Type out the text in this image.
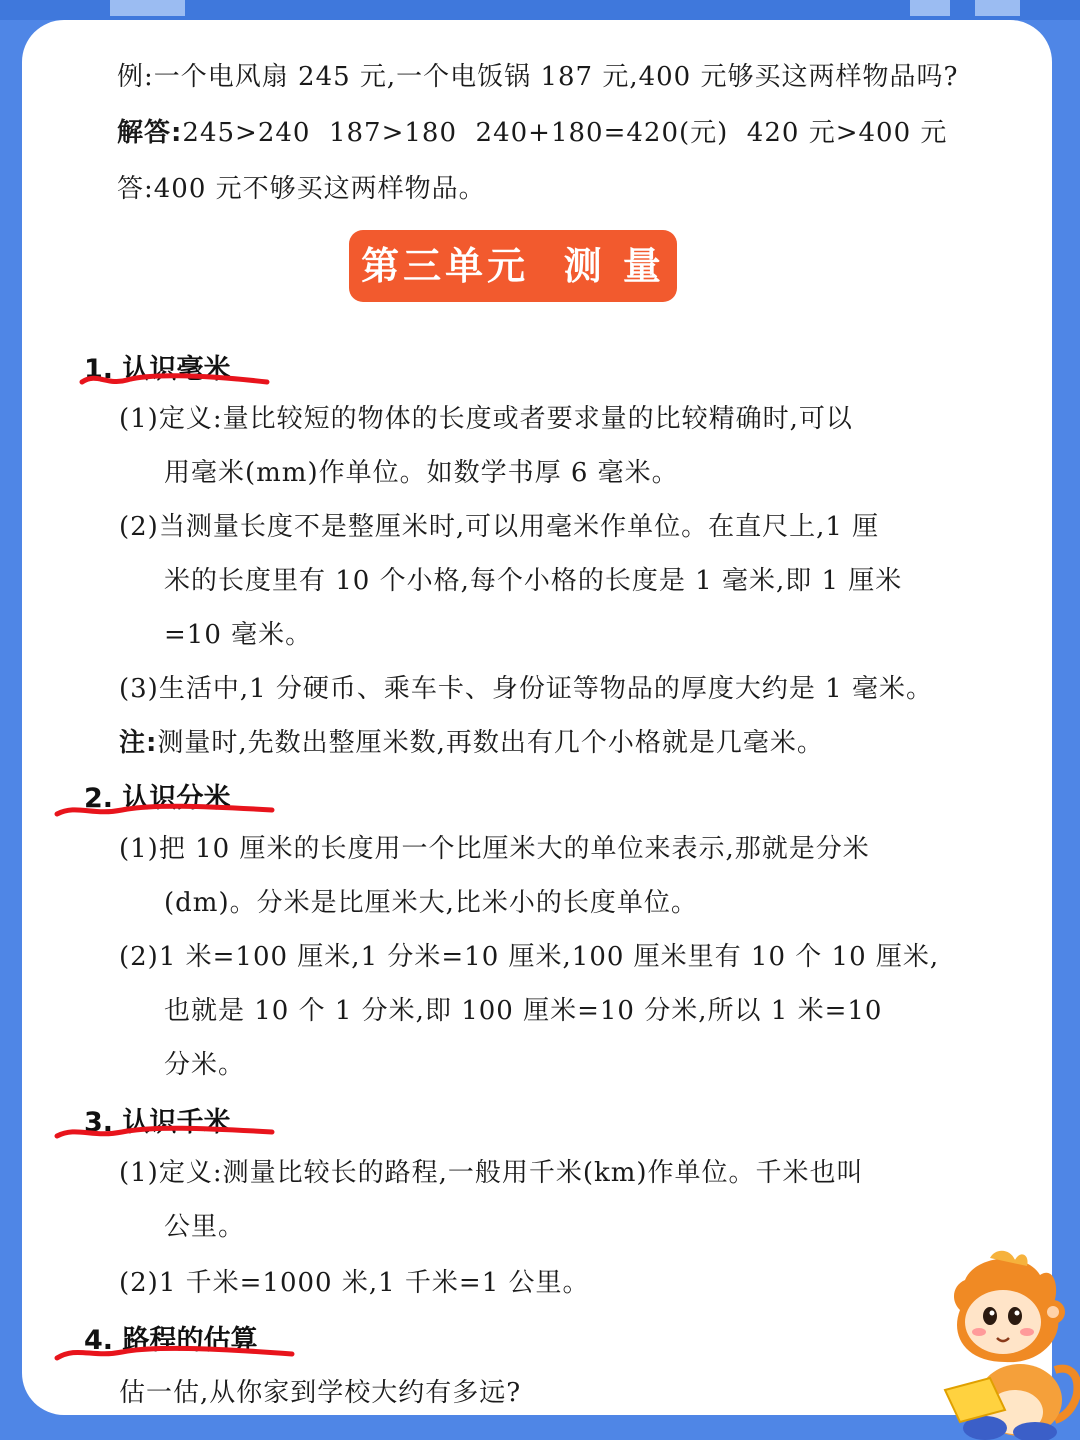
例:一个电风扇 245 元,一个电饭锅 187 元,400 元够买这两样物品吗?
解答:245>240  187>180  240+180=420(元)  420 元>400 元
答:400 元不够买这两样物品。
第三单元  测 量
1. 认识毫米
(1)定义:量比较短的物体的长度或者要求量的比较精确时,可以
用毫米(mm)作单位。如数学书厚 6 毫米。
(2)当测量长度不是整厘米时,可以用毫米作单位。在直尺上,1 厘
米的长度里有 10 个小格,每个小格的长度是 1 毫米,即 1 厘米
=10 毫米。
(3)生活中,1 分硬币、乘车卡、身份证等物品的厚度大约是 1 毫米。
注:测量时,先数出整厘米数,再数出有几个小格就是几毫米。
2. 认识分米
(1)把 10 厘米的长度用一个比厘米大的单位来表示,那就是分米
(dm)。分米是比厘米大,比米小的长度单位。
(2)1 米=100 厘米,1 分米=10 厘米,100 厘米里有 10 个 10 厘米,
也就是 10 个 1 分米,即 100 厘米=10 分米,所以 1 米=10
分米。
3. 认识千米
(1)定义:测量比较长的路程,一般用千米(km)作单位。千米也叫
公里。
(2)1 千米=1000 米,1 千米=1 公里。
4. 路程的估算
估一估,从你家到学校大约有多远?
